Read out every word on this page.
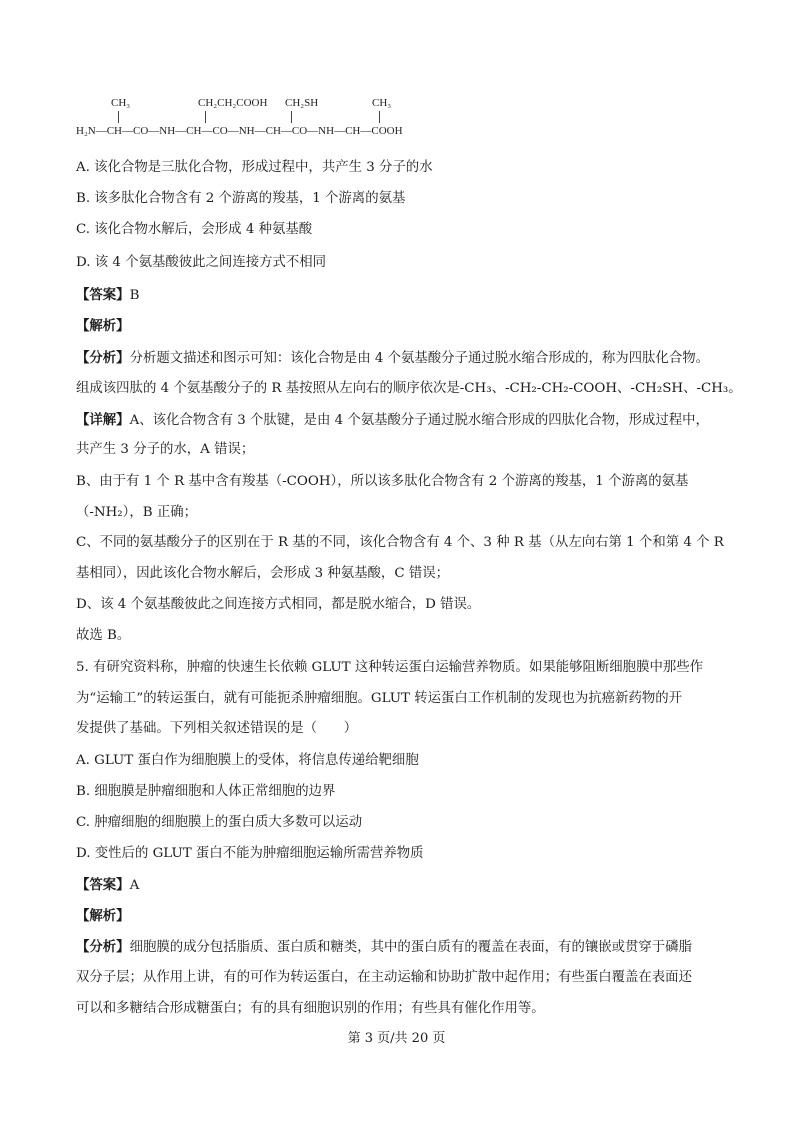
CH₃	CH₂CH₂COOH CH₂SH	CH₃
H₂N—CH—CO—NH—CH—CO—NH—CH—CO—NH—CH—COOH
A. 该化合物是三肽化合物，形成过程中，共产生 3 分子的水
B. 该多肽化合物含有 2 个游离的羧基，1 个游离的氨基
C. 该化合物水解后，会形成 4 种氨基酸
D. 该 4 个氨基酸彼此之间连接方式不相同
【答案】B
【解析】
【分析】分析题文描述和图示可知：该化合物是由 4 个氨基酸分子通过脱水缩合形成的，称为四肽化合物。
组成该四肽的 4 个氨基酸分子的 R 基按照从左向右的顺序依次是-CH₃、-CH₂-CH₂-COOH、-CH₂SH、-CH₃。
【详解】A、该化合物含有 3 个肽键，是由 4 个氨基酸分子通过脱水缩合形成的四肽化合物，形成过程中，
共产生 3 分子的水，A 错误；
B、由于有 1 个 R 基中含有羧基（-COOH），所以该多肽化合物含有 2 个游离的羧基，1 个游离的氨基
（-NH₂），B 正确；
C、不同的氨基酸分子的区别在于 R 基的不同，该化合物含有 4 个、3 种 R 基（从左向右第 1 个和第 4 个 R
基相同），因此该化合物水解后，会形成 3 种氨基酸，C 错误；
D、该 4 个氨基酸彼此之间连接方式相同，都是脱水缩合，D 错误。
故选 B。
5. 有研究资料称，肿瘤的快速生长依赖 GLUT 这种转运蛋白运输营养物质。如果能够阻断细胞膜中那些作
为“运输工”的转运蛋白，就有可能扼杀肿瘤细胞。GLUT 转运蛋白工作机制的发现也为抗癌新药物的开
发提供了基础。下列相关叙述错误的是（　　）
A. GLUT 蛋白作为细胞膜上的受体，将信息传递给靶细胞
B. 细胞膜是肿瘤细胞和人体正常细胞的边界
C. 肿瘤细胞的细胞膜上的蛋白质大多数可以运动
D. 变性后的 GLUT 蛋白不能为肿瘤细胞运输所需营养物质
【答案】A
【解析】
【分析】细胞膜的成分包括脂质、蛋白质和糖类，其中的蛋白质有的覆盖在表面，有的镶嵌或贯穿于磷脂
双分子层；从作用上讲，有的可作为转运蛋白，在主动运输和协助扩散中起作用；有些蛋白覆盖在表面还
可以和多糖结合形成糖蛋白；有的具有细胞识别的作用；有些具有催化作用等。
第 3 页/共 20 页
